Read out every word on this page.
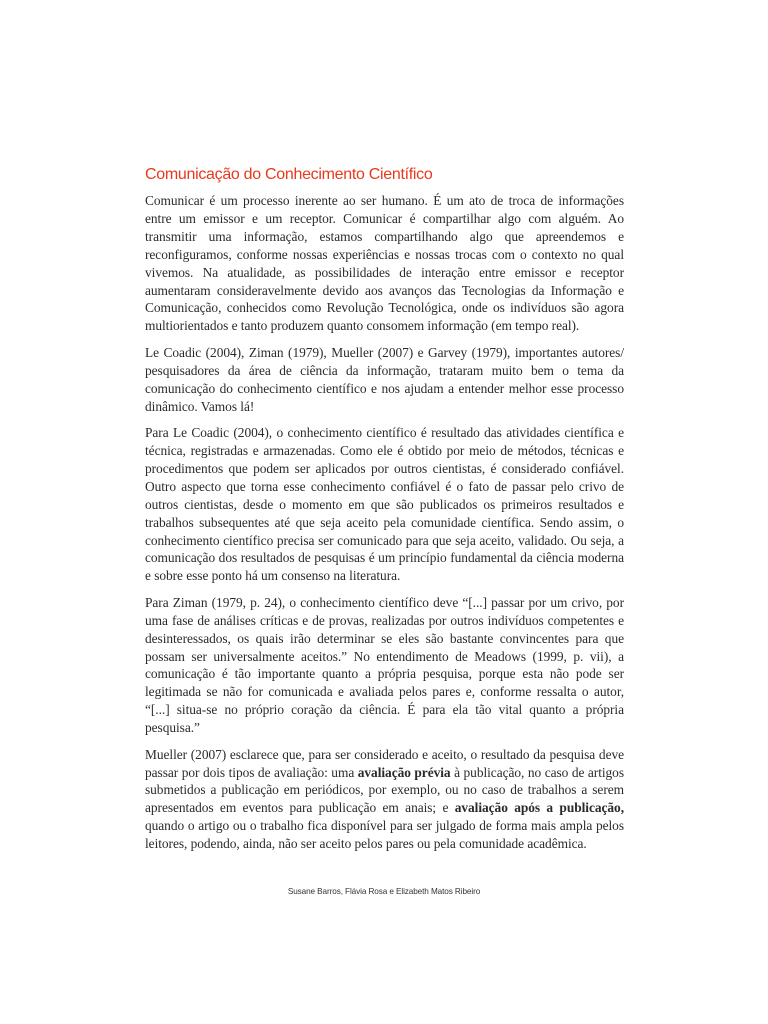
Comunicação do Conhecimento Científico

Comunicar é um processo inerente ao ser humano. É um ato de troca de informações entre um emissor e um receptor. Comunicar é compartilhar algo com alguém. Ao transmitir uma informação, estamos compartilhando algo que apreendemos e reconfiguramos, conforme nossas experiências e nossas trocas com o contexto no qual vivemos. Na atualidade, as possibilidades de interação entre emissor e receptor aumentaram consideravelmente devido aos avanços das Tecnologias da Informação e Comunicação, conhecidos como Revolução Tecnológica, onde os indivíduos são agora multiorientados e tanto produzem quanto consomem informação (em tempo real).

Le Coadic (2004), Ziman (1979), Mueller (2007) e Garvey (1979), importantes autores/ pesquisadores da área de ciência da informação, trataram muito bem o tema da comunicação do conhecimento científico e nos ajudam a entender melhor esse processo dinâmico. Vamos lá!

Para Le Coadic (2004), o conhecimento científico é resultado das atividades científica e técnica, registradas e armazenadas. Como ele é obtido por meio de métodos, técnicas e procedimentos que podem ser aplicados por outros cientistas, é considerado confiável. Outro aspecto que torna esse conhecimento confiável é o fato de passar pelo crivo de outros cientistas, desde o momento em que são publicados os primeiros resultados e trabalhos subsequentes até que seja aceito pela comunidade científica. Sendo assim, o conhecimento científico precisa ser comunicado para que seja aceito, validado. Ou seja, a comunicação dos resultados de pesquisas é um princípio fundamental da ciência moderna e sobre esse ponto há um consenso na literatura.

Para Ziman (1979, p. 24), o conhecimento científico deve “[...] passar por um crivo, por uma fase de análises críticas e de provas, realizadas por outros indivíduos competentes e desinteressados, os quais irão determinar se eles são bastante convincentes para que possam ser universalmente aceitos.” No entendimento de Meadows (1999, p. vii), a comunicação é tão importante quanto a própria pesquisa, porque esta não pode ser legitimada se não for comunicada e avaliada pelos pares e, conforme ressalta o autor, “[...] situa-se no próprio coração da ciência. É para ela tão vital quanto a própria pesquisa.”

Mueller (2007) esclarece que, para ser considerado e aceito, o resultado da pesquisa deve passar por dois tipos de avaliação: uma avaliação prévia à publicação, no caso de artigos submetidos a publicação em periódicos, por exemplo, ou no caso de trabalhos a serem apresentados em eventos para publicação em anais; e avaliação após a publicação, quando o artigo ou o trabalho fica disponível para ser julgado de forma mais ampla pelos leitores, podendo, ainda, não ser aceito pelos pares ou pela comunidade acadêmica.

Susane Barros, Flávia Rosa e Elizabeth Matos Ribeiro
